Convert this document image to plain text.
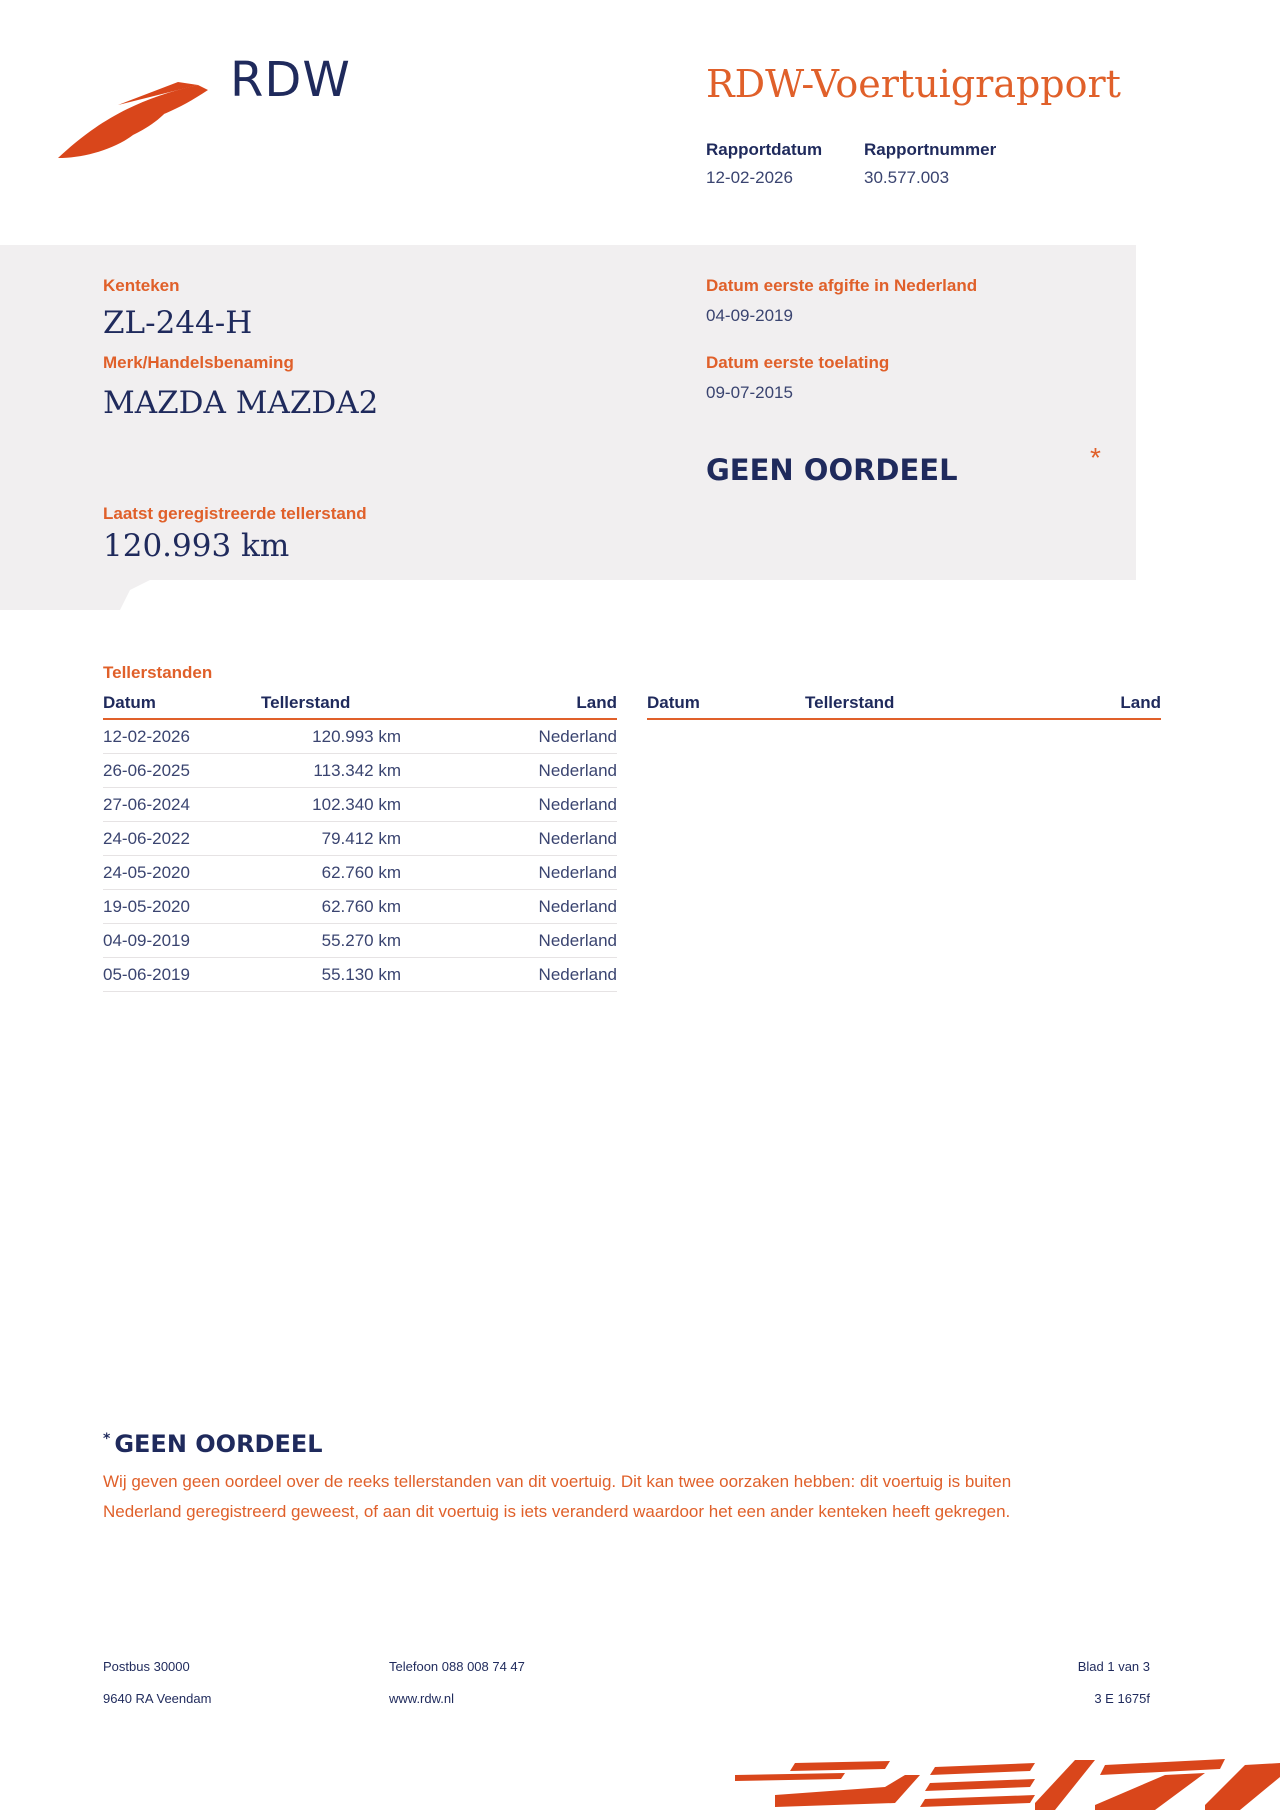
RDW	RDW-Voertuigrapport
Rapportdatum
12-02-2026
Rapportnummer
30.577.003
Kenteken
ZL-244-H
Merk/Handelsbenaming
MAZDA MAZDA2
Laatst geregistreerde tellerstand
120.993 km
Datum eerste afgifte in Nederland
04-09-2019
Datum eerste toelating
09-07-2015
GEEN OORDEEL	*
Tellerstanden
Datum	Tellerstand	Land
12-02-2026	120.993 km	Nederland
26-06-2025	113.342 km	Nederland
27-06-2024	102.340 km	Nederland
24-06-2022	79.412 km	Nederland
24-05-2020	62.760 km	Nederland
19-05-2020	62.760 km	Nederland
04-09-2019	55.270 km	Nederland
05-06-2019	55.130 km	Nederland
Datum	Tellerstand	Land
* GEEN OORDEEL
Wij geven geen oordeel over de reeks tellerstanden van dit voertuig. Dit kan twee oorzaken hebben: dit voertuig is buiten Nederland geregistreerd geweest, of aan dit voertuig is iets veranderd waardoor het een ander kenteken heeft gekregen.
Postbus 30000
9640 RA Veendam
Telefoon 088 008 74 47
www.rdw.nl
Blad 1 van 3
3 E 1675f
